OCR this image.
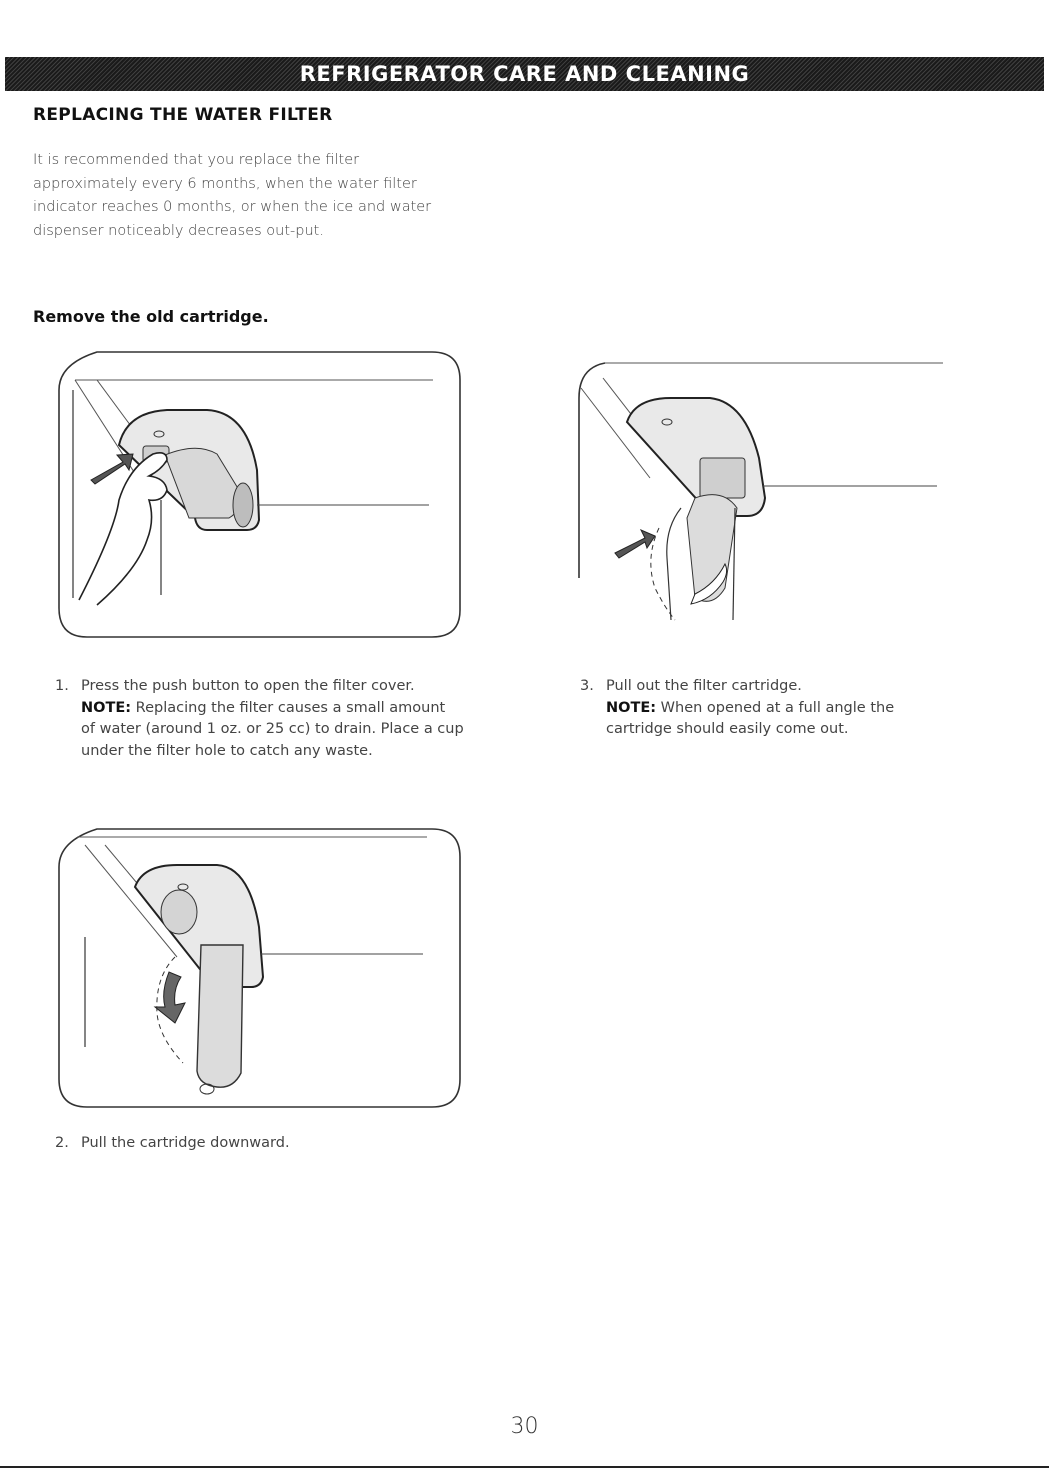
REFRIGERATOR CARE AND CLEANING
REPLACING THE WATER FILTER

It is recommended that you replace the filter
approximately every 6 months, when the water filter
indicator reaches 0 months, or when the ice and water
dispenser noticeably decreases out-put.

Remove the old cartridge.
1. Press the push button to open the filter cover.
NOTE: Replacing the filter causes a small amount
of water (around 1 oz. or 25 cc) to drain. Place a cup
under the filter hole to catch any waste.
3. Pull out the filter cartridge.
NOTE: When opened at a full angle the
cartridge should easily come out.
2. Pull the cartridge downward.
30
